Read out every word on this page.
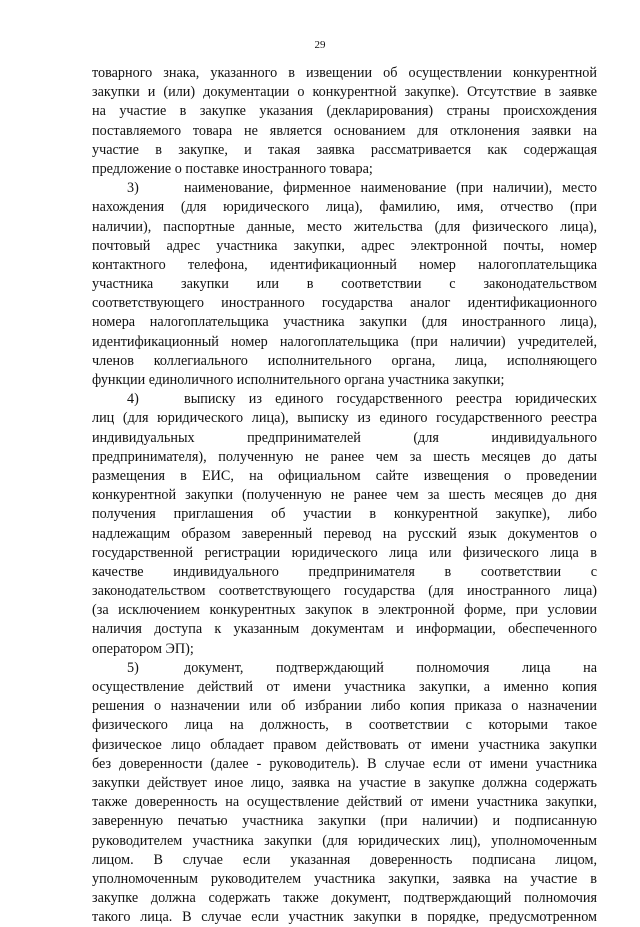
29
товарного знака, указанного в извещении об осуществлении конкурентной
закупки и (или) документации о конкурентной закупке). Отсутствие в заявке
на участие в закупке указания (декларирования) страны происхождения
поставляемого товара не является основанием для отклонения заявки на
участие в закупке, и такая заявка рассматривается как содержащая
предложение о поставке иностранного товара;
3)	наименование, фирменное наименование (при наличии), место
нахождения (для юридического лица), фамилию, имя, отчество (при
наличии), паспортные данные, место жительства (для физического лица),
почтовый адрес участника закупки, адрес электронной почты, номер
контактного телефона, идентификационный номер налогоплательщика
участника закупки или в соответствии с законодательством
соответствующего иностранного государства аналог идентификационного
номера налогоплательщика участника закупки (для иностранного лица),
идентификационный номер налогоплательщика (при наличии) учредителей,
членов коллегиального исполнительного органа, лица, исполняющего
функции единоличного исполнительного органа участника закупки;
4)	выписку из единого государственного реестра юридических
лиц (для юридического лица), выписку из единого государственного реестра
индивидуальных предпринимателей (для индивидуального
предпринимателя), полученную не ранее чем за шесть месяцев до даты
размещения в ЕИС, на официальном сайте извещения о проведении
конкурентной закупки (полученную не ранее чем за шесть месяцев до дня
получения приглашения об участии в конкурентной закупке), либо
надлежащим образом заверенный перевод на русский язык документов о
государственной регистрации юридического лица или физического лица в
качестве индивидуального предпринимателя в соответствии с
законодательством соответствующего государства (для иностранного лица)
(за исключением конкурентных закупок в электронной форме, при условии
наличия доступа к указанным документам и информации, обеспеченного
оператором ЭП);
5)	документ, подтверждающий полномочия лица на
осуществление действий от имени участника закупки, а именно копия
решения о назначении или об избрании либо копия приказа о назначении
физического лица на должность, в соответствии с которыми такое
физическое лицо обладает правом действовать от имени участника закупки
без доверенности (далее - руководитель). В случае если от имени участника
закупки действует иное лицо, заявка на участие в закупке должна содержать
также доверенность на осуществление действий от имени участника закупки,
заверенную печатью участника закупки (при наличии) и подписанную
руководителем участника закупки (для юридических лиц), уполномоченным
лицом. В случае если указанная доверенность подписана лицом,
уполномоченным руководителем участника закупки, заявка на участие в
закупке должна содержать также документ, подтверждающий полномочия
такого лица. В случае если участник закупки в порядке, предусмотренном
